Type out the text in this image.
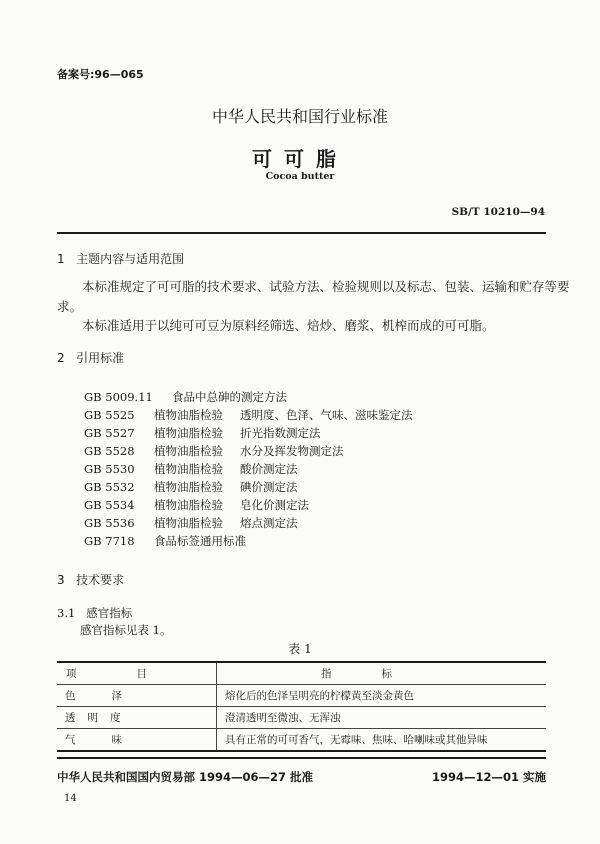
备案号:96—065
中华人民共和国行业标准
可可脂
Cocoa butter
SB/T 10210—94
1 主题内容与适用范围
本标准规定了可可脂的技术要求、试验方法、检验规则以及标志、包装、运输和贮存等要
求。
本标准适用于以纯可可豆为原料经筛选、焙炒、磨浆、机榨而成的可可脂。
2 引用标准
GB 5009.11 食品中总砷的测定方法
GB 5525 植物油脂检验 透明度、色泽、气味、滋味鉴定法
GB 5527 植物油脂检验 折光指数测定法
GB 5528 植物油脂检验 水分及挥发物测定法
GB 5530 植物油脂检验 酸价测定法
GB 5532 植物油脂检验 碘价测定法
GB 5534 植物油脂检验 皂化价测定法
GB 5536 植物油脂检验 熔点测定法
GB 7718 食品标签通用标准
3 技术要求
3.1 感官指标
感官指标见表 1。
表 1
项目	指标
色泽	熔化后的色泽呈明亮的柠檬黄至淡金黄色
透明度	澄清透明至微浊、无浑浊
气味	具有正常的可可香气，无霉味、焦味、哈喇味或其他异味
中华人民共和国国内贸易部 1994—06—27 批准	1994—12—01 实施
14
